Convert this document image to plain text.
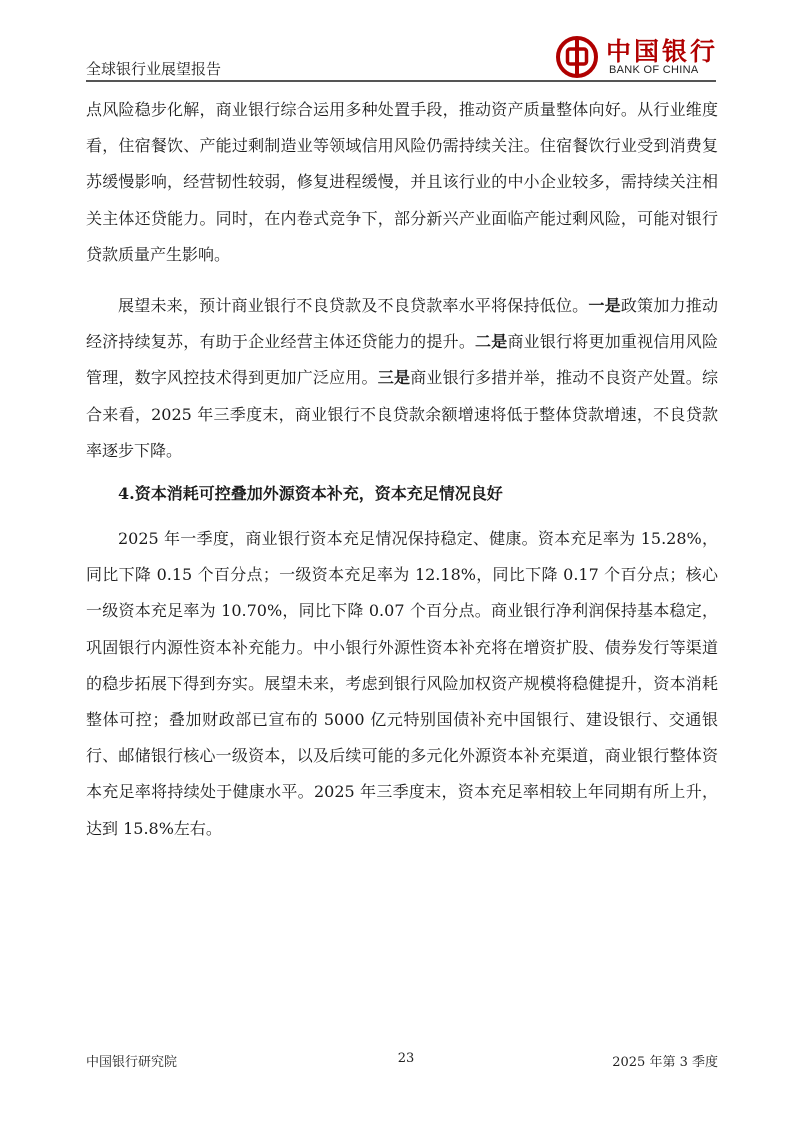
全球银行业展望报告
中国银行
BANK OF CHINA

点风险稳步化解，商业银行综合运用多种处置手段，推动资产质量整体向好。从行业维度看，住宿餐饮、产能过剩制造业等领域信用风险仍需持续关注。住宿餐饮行业受到消费复苏缓慢影响，经营韧性较弱，修复进程缓慢，并且该行业的中小企业较多，需持续关注相关主体还贷能力。同时，在内卷式竞争下，部分新兴产业面临产能过剩风险，可能对银行贷款质量产生影响。

展望未来，预计商业银行不良贷款及不良贷款率水平将保持低位。一是政策加力推动经济持续复苏，有助于企业经营主体还贷能力的提升。二是商业银行将更加重视信用风险管理，数字风控技术得到更加广泛应用。三是商业银行多措并举，推动不良资产处置。综合来看，2025 年三季度末，商业银行不良贷款余额增速将低于整体贷款增速，不良贷款率逐步下降。

4.资本消耗可控叠加外源资本补充，资本充足情况良好

2025 年一季度，商业银行资本充足情况保持稳定、健康。资本充足率为 15.28%，同比下降 0.15 个百分点；一级资本充足率为 12.18%，同比下降 0.17 个百分点；核心一级资本充足率为 10.70%，同比下降 0.07 个百分点。商业银行净利润保持基本稳定，巩固银行内源性资本补充能力。中小银行外源性资本补充将在增资扩股、债券发行等渠道的稳步拓展下得到夯实。展望未来，考虑到银行风险加权资产规模将稳健提升，资本消耗整体可控；叠加财政部已宣布的 5000 亿元特别国债补充中国银行、建设银行、交通银行、邮储银行核心一级资本，以及后续可能的多元化外源资本补充渠道，商业银行整体资本充足率将持续处于健康水平。2025 年三季度末，资本充足率相较上年同期有所上升，达到 15.8%左右。

中国银行研究院	23	2025 年第 3 季度
